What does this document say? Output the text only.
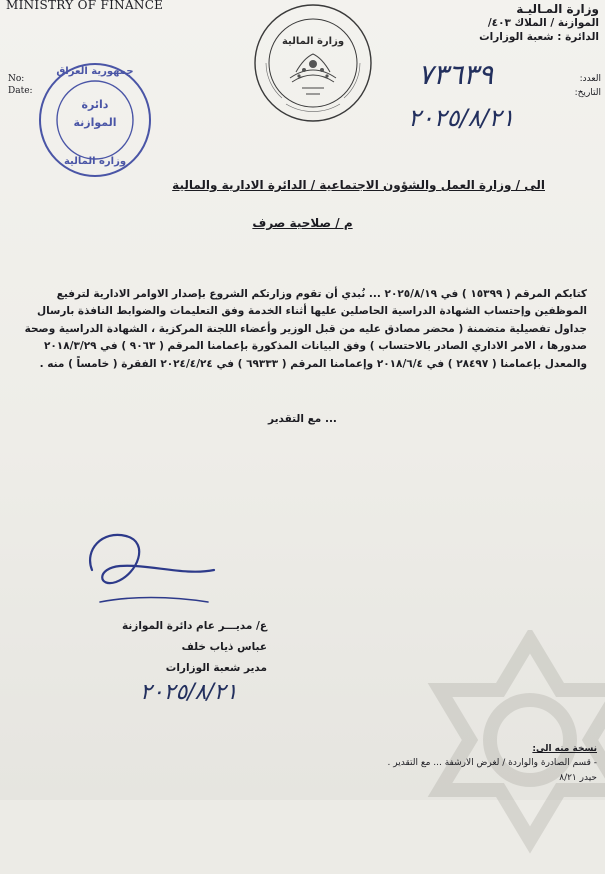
MINISTRY OF FINANCE
No:
Date:
وزارة المـاليـة
الموازنة / الملاك ٤٠٣/
الدائرة : شعبة الوزارات
العدد:
التاريخ:
٧٣٦٣٩
٢٠٢٥/٨/٢١
وزارة المالية
جمهورية العراق
دائرة
الموازنة
وزارة المالية
الى / وزارة العمل والشؤون الاجتماعية / الدائرة الادارية والمالية
م / صلاحية صرف
كتابكم المرقم ( ١٥٣٩٩ ) في ٢٠٢٥/٨/١٩ ... نُبدي أن تقوم وزارتكم الشروع بإصدار الاوامر الادارية لترفيع الموظفين وإحتساب الشهادة الدراسية الحاصلين عليها أثناء الخدمة وفق التعليمات والضوابط النافذة بارسال جداول تفصيلية متضمنة ( محضر مصادق عليه من قبل الوزير وأعضاء اللجنة المركزية ، الشهادة الدراسية وصحة صدورها ، الامر الاداري الصادر بالاحتساب ) وفق البيانات المذكورة بإعمامنا المرقم ( ٩٠٦٣ ) في ٢٠١٨/٣/٢٩ والمعدل بإعمامنا ( ٢٨٤٩٧ ) في ٢٠١٨/٦/٤ وإعمامنا المرقم ( ٦٩٣٣٣ ) في ٢٠٢٤/٤/٢٤ الفقرة ( خامساً ) منه .
... مع التقدير
ع/ مديـــر عام دائرة الموازنة
عباس ذياب خلف
مدير شعبة الوزارات
٢٠٢٥/٨/٢١
نسخة منه الى:
- قسم الصادرة والواردة / لغرض الارشفة ... مع التقدير .
حيدر ٨/٢١
